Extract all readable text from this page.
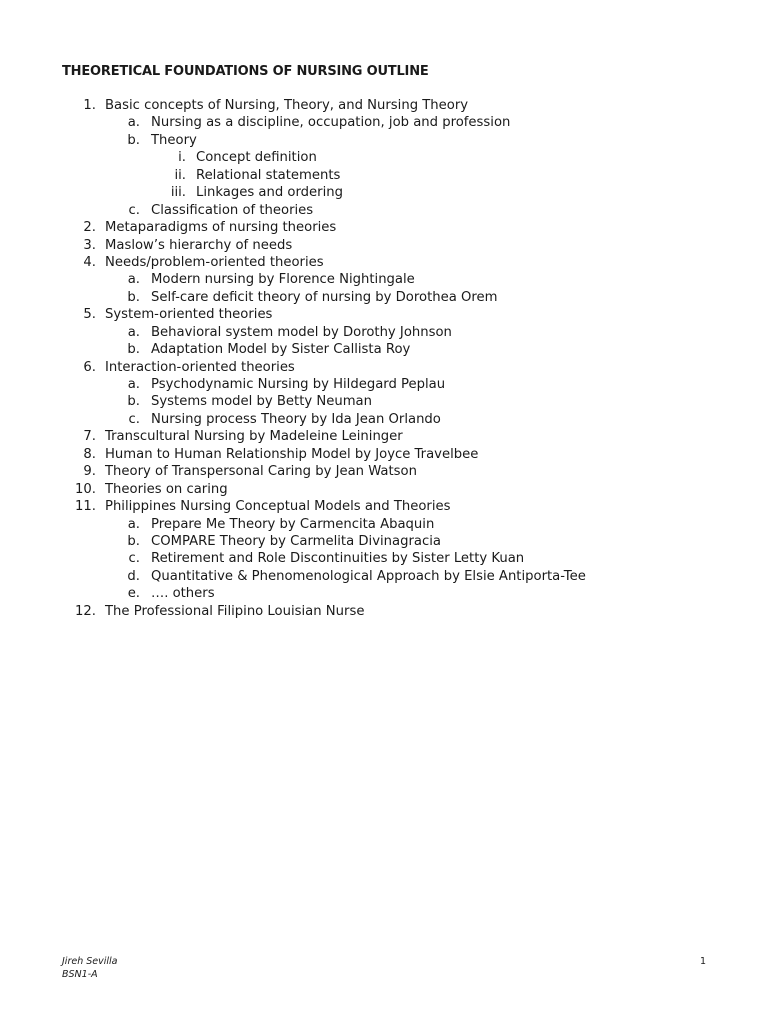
THEORETICAL FOUNDATIONS OF NURSING OUTLINE
1. Basic concepts of Nursing, Theory, and Nursing Theory
a. Nursing as a discipline, occupation, job and profession
b. Theory
i. Concept definition
ii. Relational statements
iii. Linkages and ordering
c. Classification of theories
2. Metaparadigms of nursing theories
3. Maslow’s hierarchy of needs
4. Needs/problem-oriented theories
a. Modern nursing by Florence Nightingale
b. Self-care deficit theory of nursing by Dorothea Orem
5. System-oriented theories
a. Behavioral system model by Dorothy Johnson
b. Adaptation Model by Sister Callista Roy
6. Interaction-oriented theories
a. Psychodynamic Nursing by Hildegard Peplau
b. Systems model by Betty Neuman
c. Nursing process Theory by Ida Jean Orlando
7. Transcultural Nursing by Madeleine Leininger
8. Human to Human Relationship Model by Joyce Travelbee
9. Theory of Transpersonal Caring by Jean Watson
10. Theories on caring
11. Philippines Nursing Conceptual Models and Theories
a. Prepare Me Theory by Carmencita Abaquin
b. COMPARE Theory by Carmelita Divinagracia
c. Retirement and Role Discontinuities by Sister Letty Kuan
d. Quantitative & Phenomenological Approach by Elsie Antiporta-Tee
e. …. others
12. The Professional Filipino Louisian Nurse
Jireh Sevilla
BSN1-A
1
